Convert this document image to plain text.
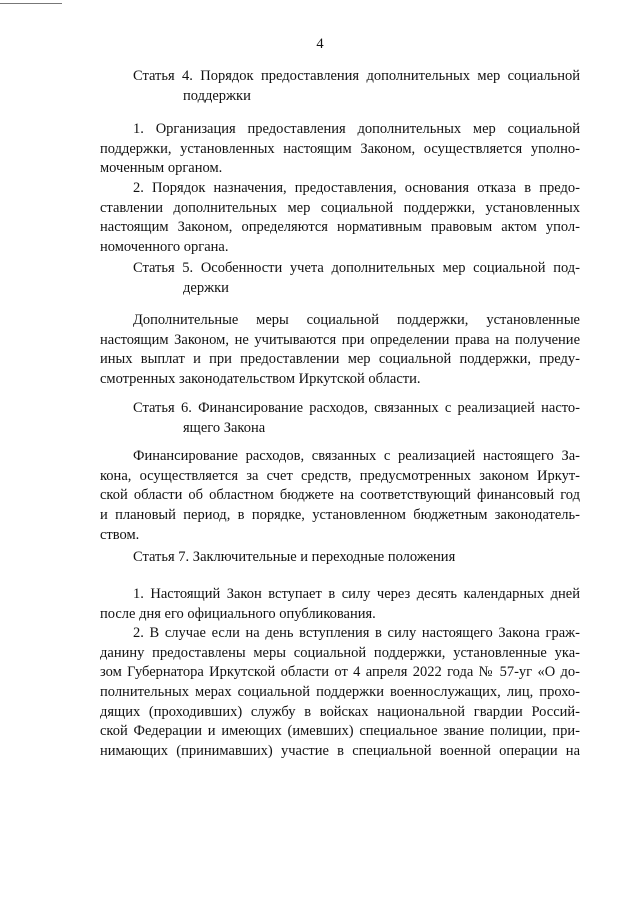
4
Статья 4. Порядок предоставления дополнительных мер социальной
поддержки
1. Организация предоставления дополнительных мер социальной
поддержки, установленных настоящим Законом, осуществляется уполно-
моченным органом.
2. Порядок назначения, предоставления, основания отказа в предо-
ставлении дополнительных мер социальной поддержки, установленных
настоящим Законом, определяются нормативным правовым актом упол-
номоченного органа.
Статья 5. Особенности учета дополнительных мер социальной под-
держки
Дополнительные меры социальной поддержки, установленные
настоящим Законом, не учитываются при определении права на получение
иных выплат и при предоставлении мер социальной поддержки, преду-
смотренных законодательством Иркутской области.
Статья 6. Финансирование расходов, связанных с реализацией насто-
ящего Закона
Финансирование расходов, связанных с реализацией настоящего За-
кона, осуществляется за счет средств, предусмотренных законом Иркут-
ской области об областном бюджете на соответствующий финансовый год
и плановый период, в порядке, установленном бюджетным законодатель-
ством.
Статья 7. Заключительные и переходные положения
1. Настоящий Закон вступает в силу через десять календарных дней
после дня его официального опубликования.
2. В случае если на день вступления в силу настоящего Закона граж-
данину предоставлены меры социальной поддержки, установленные ука-
зом Губернатора Иркутской области от 4 апреля 2022 года № 57-уг «О до-
полнительных мерах социальной поддержки военнослужащих, лиц, прохо-
дящих (проходивших) службу в войсках национальной гвардии Россий-
ской Федерации и имеющих (имевших) специальное звание полиции, при-
нимающих (принимавших) участие в специальной военной операции на
